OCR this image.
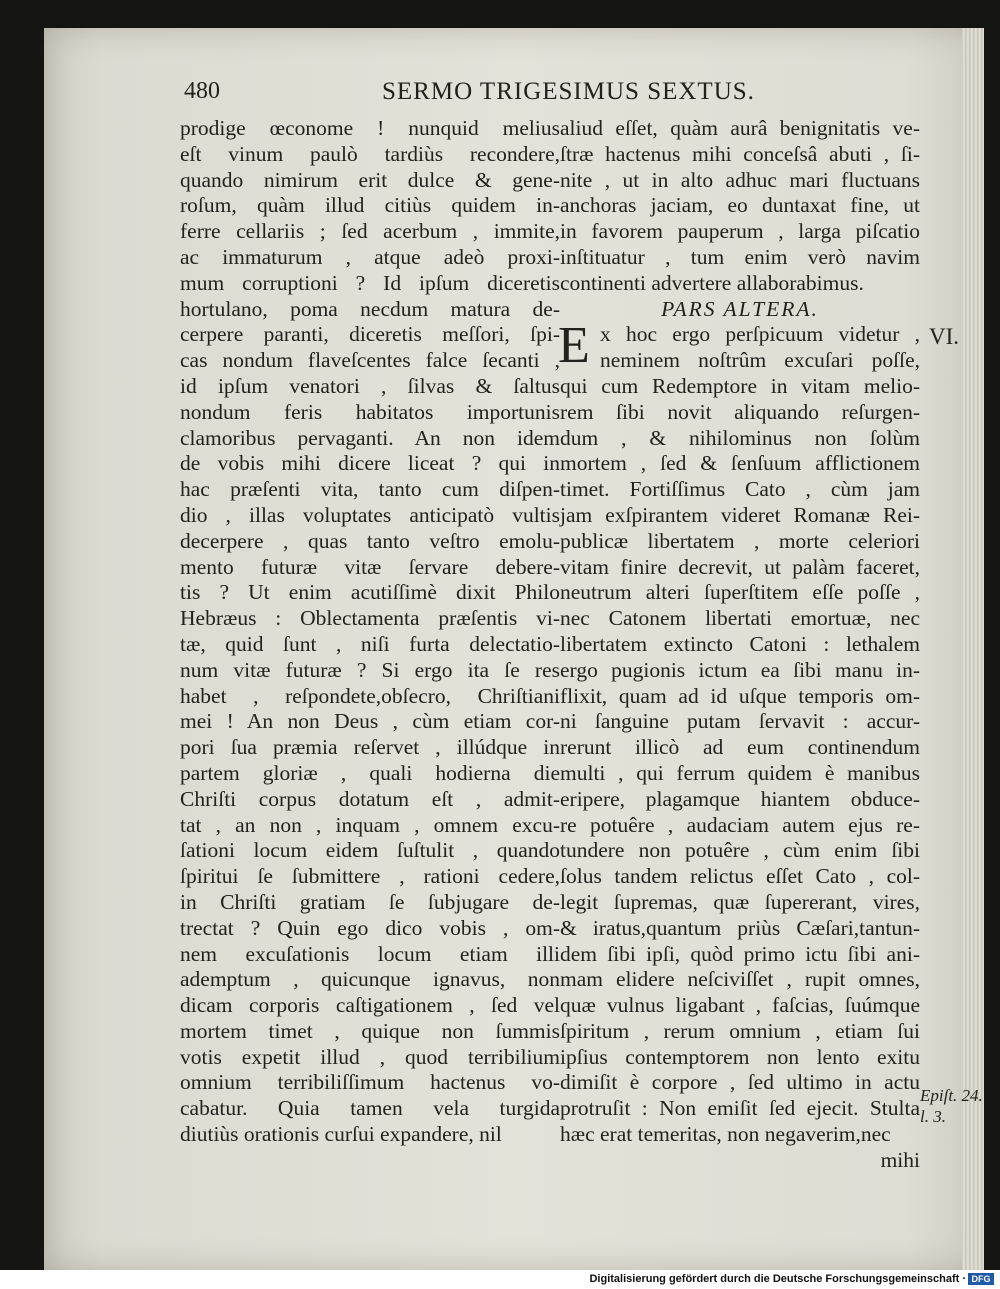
480	SERMO TRIGESIMUS SEXTUS.
prodige œconome ! nunquid melius
eſt vinum paulò tardiùs recondere,
quando nimirum erit dulce & gene-
roſum, quàm illud citiùs quidem in-
ferre cellariis ; ſed acerbum , immite,
ac immaturum , atque adeò proxi-
mum corruptioni ? Id ipſum diceretis
hortulano, poma necdum matura de-
cerpere paranti, diceretis meſſori, ſpi-
cas nondum flaveſcentes falce ſecanti ,
id ipſum venatori , ſilvas & ſaltus
nondum feris habitatos importunis
clamoribus pervaganti. An non idem
de vobis mihi dicere liceat ? qui in
hac præſenti vita, tanto cum diſpen-
dio , illas voluptates anticipatò vultis
decerpere , quas tanto veſtro emolu-
mento futuræ vitæ ſervare debere-
tis ? Ut enim acutiſſimè dixit Philo
Hebræus : Oblectamenta præſentis vi-
tæ, quid ſunt , niſi furta delectatio-
num vitæ futuræ ? Si ergo ita ſe res
habet , reſpondete,obſecro, Chriſtiani
mei ! An non Deus , cùm etiam cor-
pori ſua præmia reſervet , illúdque in
partem gloriæ , quali hodierna die
Chriſti corpus dotatum eſt , admit-
tat , an non , inquam , omnem excu-
ſationi locum eidem ſuſtulit , quando
ſpiritui ſe ſubmittere , rationi cedere,
in Chriſti gratiam ſe ſubjugare de-
trectat ? Quin ego dico vobis , om-
nem excuſationis locum etiam illi
ademptum , quicunque ignavus, non
dicam corporis caſtigationem , ſed vel
mortem timet , quique non ſummis
votis expetit illud , quod terribilium
omnium terribiliſſimum hactenus vo-
cabatur. Quia tamen vela turgida
diutiùs orationis curſui expandere, nil
aliud eſſet, quàm aurâ benignitatis ve-
ſtræ hactenus mihi conceſsâ abuti , ſi-
nite , ut in alto adhuc mari fluctuans
anchoras jaciam, eo duntaxat fine, ut
in favorem pauperum , larga piſcatio
inſtituatur , tum enim verò navim
continenti advertere allaborabimus.
PARS ALTERA.
E x hoc ergo perſpicuum videtur ,
neminem noſtrûm excuſari poſſe,
qui cum Redemptore in vitam melio-
rem ſibi novit aliquando reſurgen-
dum , & nihilominus non ſolùm
mortem , ſed & ſenſuum afflictionem
timet. Fortiſſimus Cato , cùm jam
jam exſpirantem videret Romanæ Rei-
publicæ libertatem , morte celeriori
vitam finire decrevit, ut palàm faceret,
neutrum alteri ſuperſtitem eſſe poſſe ,
nec Catonem libertati emortuæ, nec
libertatem extincto Catoni : lethalem
ergo pugionis ictum ea ſibi manu in-
flixit, quam ad id uſque temporis om-
ni ſanguine putam ſervavit : accur-
rerunt illicò ad eum continendum
multi , qui ferrum quidem è manibus
eripere, plagamque hiantem obduce-
re potuêre , audaciam autem ejus re-
tundere non potuêre , cùm enim ſibi
ſolus tandem relictus eſſet Cato , col-
legit ſupremas, quæ ſupererant, vires,
& iratus,quantum priùs Cæſari,tantun-
dem ſibi ipſi, quòd primo ictu ſibi ani-
mam elidere neſciviſſet , rupit omnes,
quæ vulnus ligabant , faſcias, ſuúmque
ſpiritum , rerum omnium , etiam ſui
ipſius contemptorem non lento exitu
dimiſit è corpore , ſed ultimo in actu
protruſit : Non emiſit ſed ejecit. Stulta
hæc erat temeritas, non negaverim,nec
mihi
VI.
Epiſt. 24.
l. 3.
Digitalisierung gefördert durch die Deutsche Forschungsgemeinschaft · DFG
